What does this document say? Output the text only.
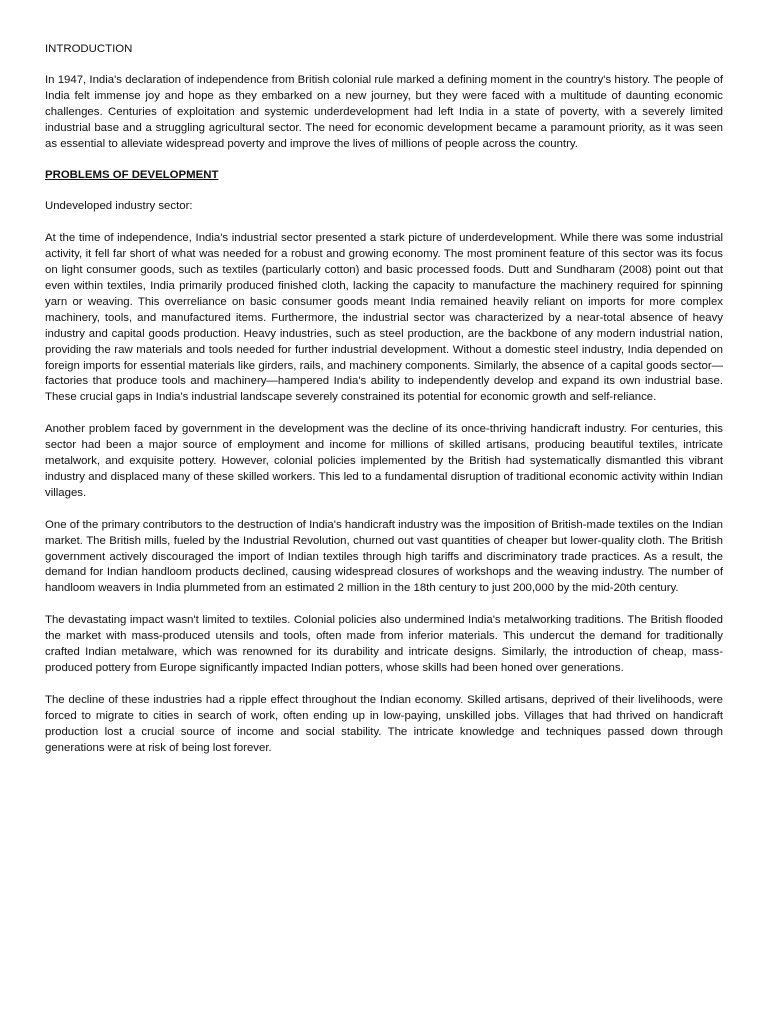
INTRODUCTION

In 1947, India's declaration of independence from British colonial rule marked a defining moment in the country's history. The people of India felt immense joy and hope as they embarked on a new journey, but they were faced with a multitude of daunting economic challenges. Centuries of exploitation and systemic underdevelopment had left India in a state of poverty, with a severely limited industrial base and a struggling agricultural sector. The need for economic development became a paramount priority, as it was seen as essential to alleviate widespread poverty and improve the lives of millions of people across the country.

PROBLEMS OF DEVELOPMENT
Undeveloped industry sector:

At the time of independence, India's industrial sector presented a stark picture of underdevelopment. While there was some industrial activity, it fell far short of what was needed for a robust and growing economy. The most prominent feature of this sector was its focus on light consumer goods, such as textiles (particularly cotton) and basic processed foods. Dutt and Sundharam (2008) point out that even within textiles, India primarily produced finished cloth, lacking the capacity to manufacture the machinery required for spinning yarn or weaving. This overreliance on basic consumer goods meant India remained heavily reliant on imports for more complex machinery, tools, and manufactured items. Furthermore, the industrial sector was characterized by a near-total absence of heavy industry and capital goods production. Heavy industries, such as steel production, are the backbone of any modern industrial nation, providing the raw materials and tools needed for further industrial development. Without a domestic steel industry, India depended on foreign imports for essential materials like girders, rails, and machinery components. Similarly, the absence of a capital goods sector—factories that produce tools and machinery—hampered India's ability to independently develop and expand its own industrial base. These crucial gaps in India's industrial landscape severely constrained its potential for economic growth and self-reliance.

Another problem faced by government in the development was the decline of its once-thriving handicraft industry. For centuries, this sector had been a major source of employment and income for millions of skilled artisans, producing beautiful textiles, intricate metalwork, and exquisite pottery. However, colonial policies implemented by the British had systematically dismantled this vibrant industry and displaced many of these skilled workers. This led to a fundamental disruption of traditional economic activity within Indian villages.

One of the primary contributors to the destruction of India's handicraft industry was the imposition of British-made textiles on the Indian market. The British mills, fueled by the Industrial Revolution, churned out vast quantities of cheaper but lower-quality cloth. The British government actively discouraged the import of Indian textiles through high tariffs and discriminatory trade practices. As a result, the demand for Indian handloom products declined, causing widespread closures of workshops and the weaving industry. The number of handloom weavers in India plummeted from an estimated 2 million in the 18th century to just 200,000 by the mid-20th century.

The devastating impact wasn't limited to textiles. Colonial policies also undermined India's metalworking traditions. The British flooded the market with mass-produced utensils and tools, often made from inferior materials. This undercut the demand for traditionally crafted Indian metalware, which was renowned for its durability and intricate designs. Similarly, the introduction of cheap, mass-produced pottery from Europe significantly impacted Indian potters, whose skills had been honed over generations.

The decline of these industries had a ripple effect throughout the Indian economy. Skilled artisans, deprived of their livelihoods, were forced to migrate to cities in search of work, often ending up in low-paying, unskilled jobs. Villages that had thrived on handicraft production lost a crucial source of income and social stability. The intricate knowledge and techniques passed down through generations were at risk of being lost forever.
